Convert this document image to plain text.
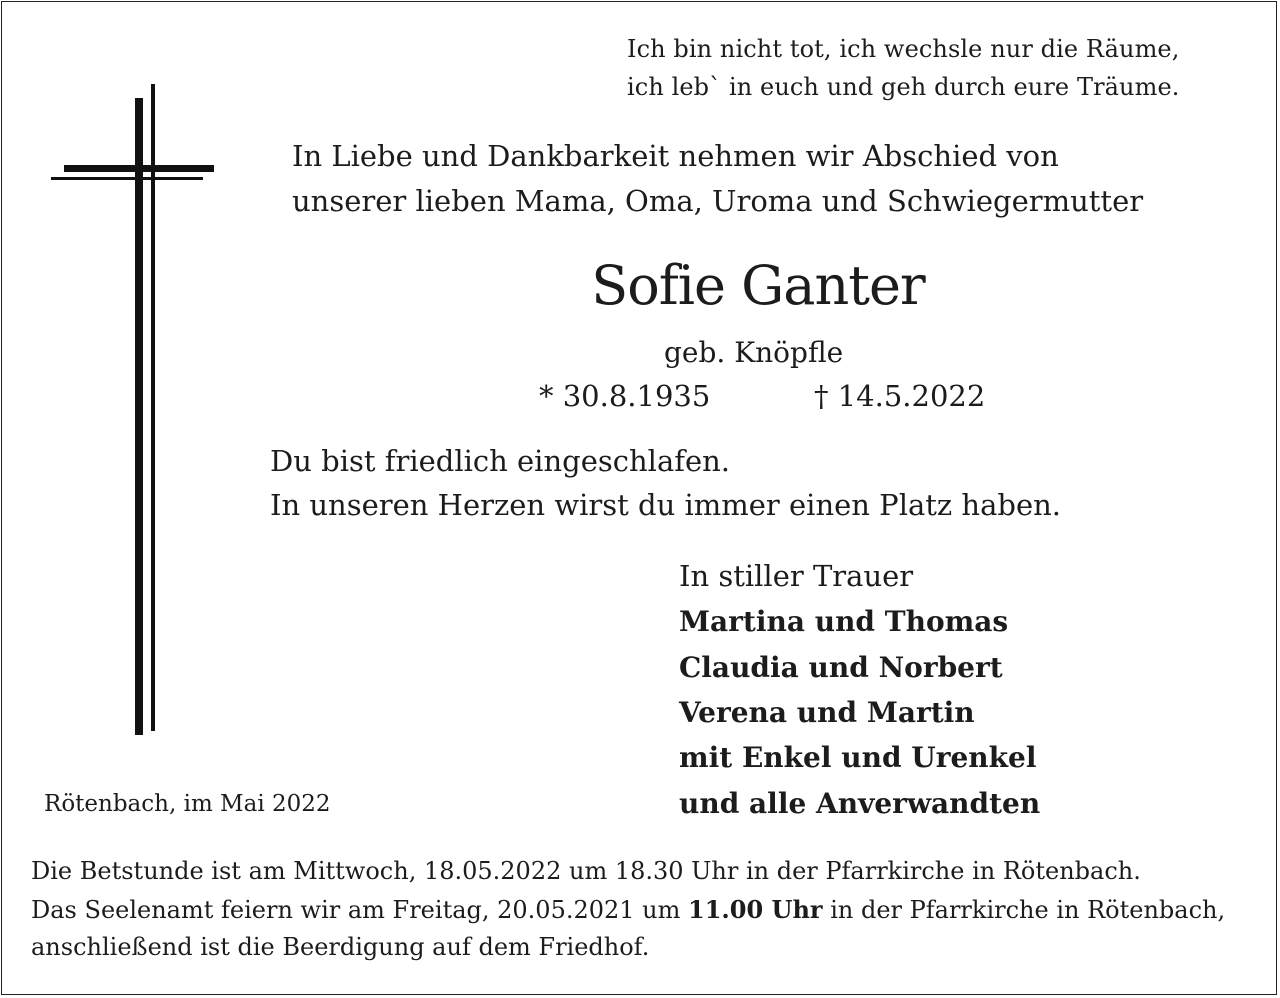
Ich bin nicht tot, ich wechsle nur die Räume,

ich leb` in euch und geh durch eure Träume.

In Liebe und Dankbarkeit nehmen wir Abschied von

unserer lieben Mama, Oma, Uroma und Schwiegermutter

Sofie Ganter

geb. Knöpfle

* 30.8.1935	† 14.5.2022

Du bist friedlich eingeschlafen.

In unseren Herzen wirst du immer einen Platz haben.

In stiller Trauer

Martina und Thomas

Claudia und Norbert

Verena und Martin

mit Enkel und Urenkel

und alle Anverwandten

Rötenbach, im Mai 2022

Die Betstunde ist am Mittwoch, 18.05.2022 um 18.30 Uhr in der Pfarrkirche in Rötenbach.

Das Seelenamt feiern wir am Freitag, 20.05.2021 um 11.00 Uhr in der Pfarrkirche in Rötenbach,

anschließend ist die Beerdigung auf dem Friedhof.
